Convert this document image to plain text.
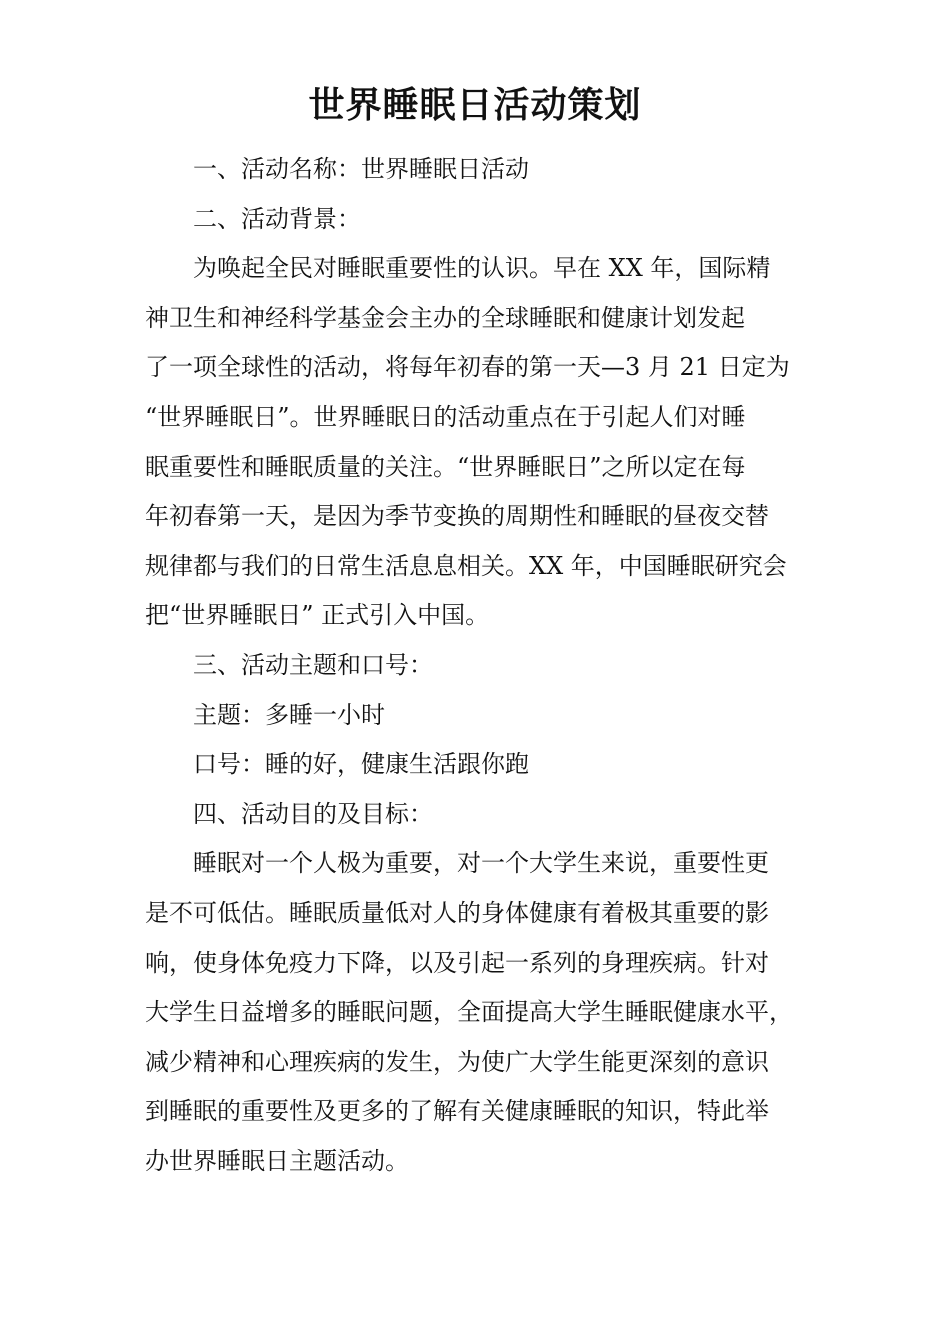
世界睡眠日活动策划
一、活动名称：世界睡眠日活动
二、活动背景：
为唤起全民对睡眠重要性的认识。早在 XX 年，国际精
神卫生和神经科学基金会主办的全球睡眠和健康计划发起
了一项全球性的活动，将每年初春的第一天—3 月 21 日定为
“世界睡眠日”。世界睡眠日的活动重点在于引起人们对睡
眠重要性和睡眠质量的关注。“世界睡眠日”之所以定在每
年初春第一天，是因为季节变换的周期性和睡眠的昼夜交替
规律都与我们的日常生活息息相关。XX 年，中国睡眠研究会
把“世界睡眠日” 正式引入中国。
三、活动主题和口号：
主题：多睡一小时
口号：睡的好，健康生活跟你跑
四、活动目的及目标：
睡眠对一个人极为重要，对一个大学生来说，重要性更
是不可低估。睡眠质量低对人的身体健康有着极其重要的影
响，使身体免疫力下降，以及引起一系列的身理疾病。针对
大学生日益增多的睡眠问题，全面提高大学生睡眠健康水平，
减少精神和心理疾病的发生，为使广大学生能更深刻的意识
到睡眠的重要性及更多的了解有关健康睡眠的知识，特此举
办世界睡眠日主题活动。
